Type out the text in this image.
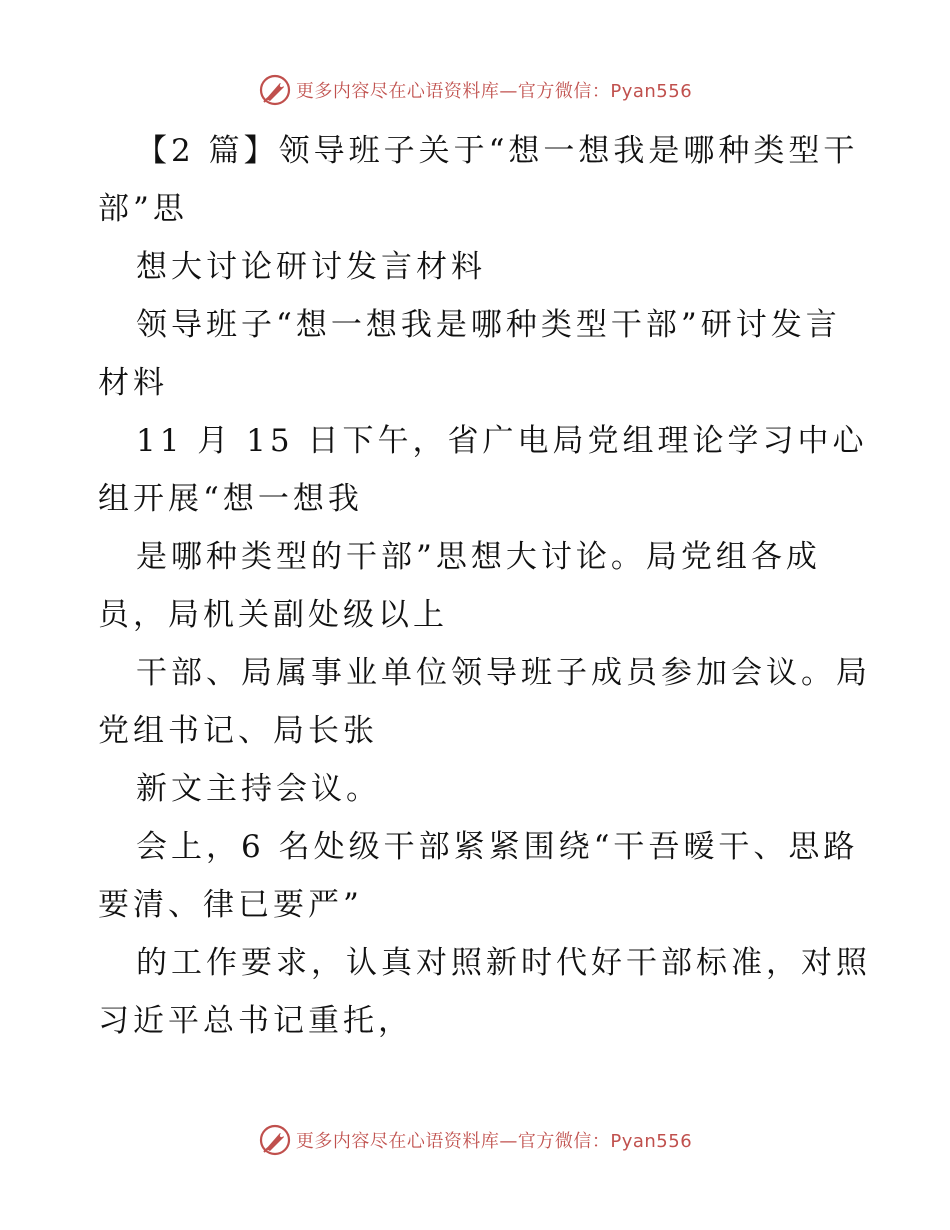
更多内容尽在心语资料库—官方微信：Pyan556
【2 篇】领导班子关于“想一想我是哪种类型干
部”思
想大讨论研讨发言材料
领导班子“想一想我是哪种类型干部”研讨发言
材料
11 月 15 日下午，省广电局党组理论学习中心
组开展“想一想我
是哪种类型的干部”思想大讨论。局党组各成
员，局机关副处级以上
干部、局属事业单位领导班子成员参加会议。局
党组书记、局长张
新文主持会议。
会上，6 名处级干部紧紧围绕“干吾暧干、思路
要清、律已要严”
的工作要求，认真对照新时代好干部标准，对照
习近平总书记重托，
更多内容尽在心语资料库—官方微信：Pyan556
